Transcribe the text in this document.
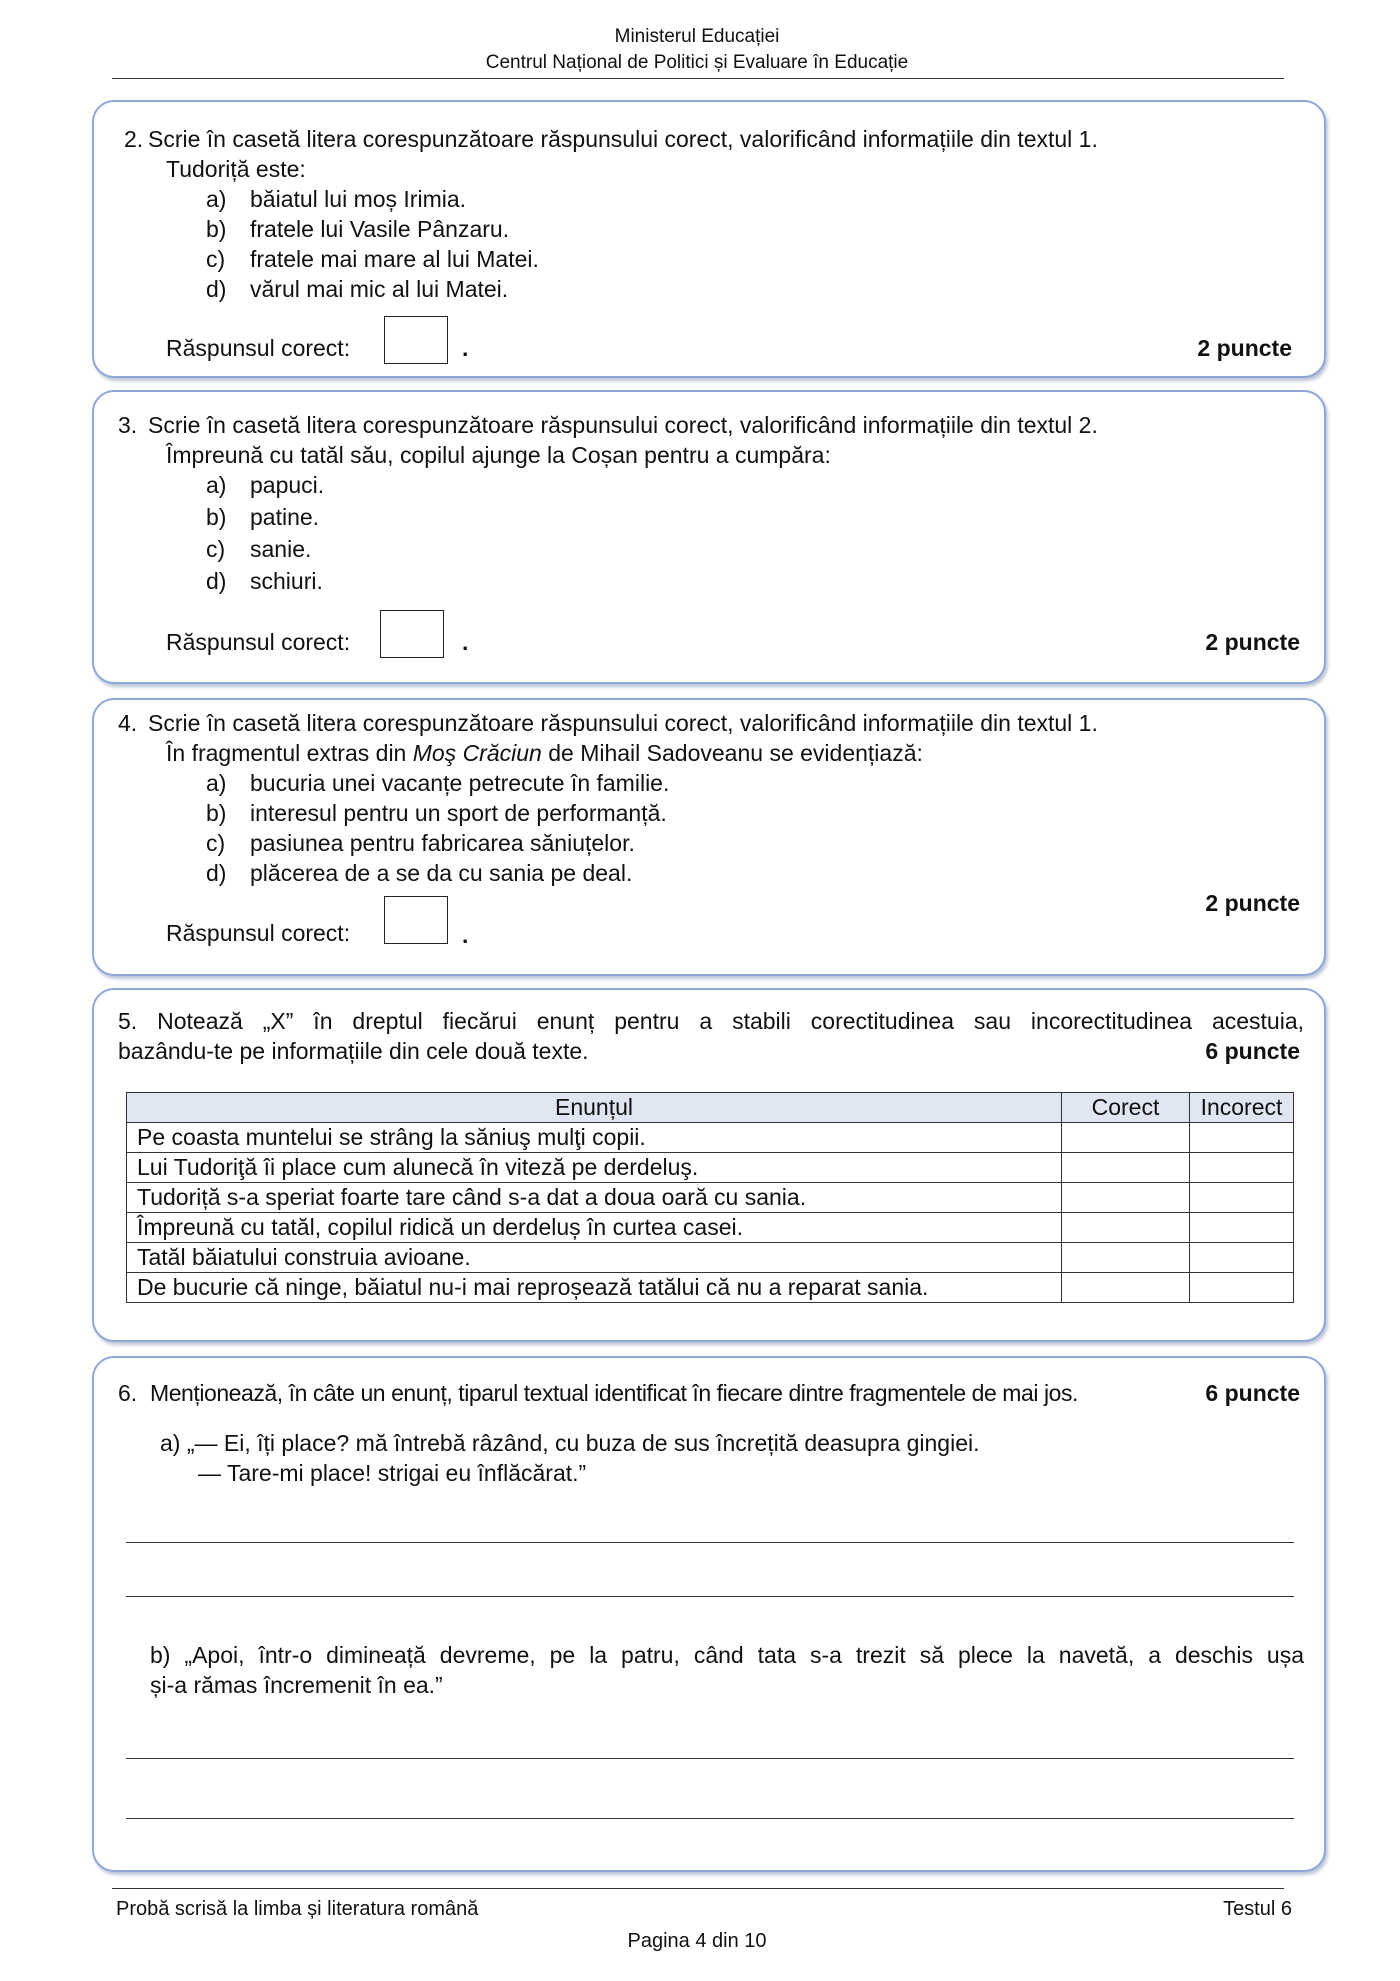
Ministerul Educației
Centrul Național de Politici și Evaluare în Educație
2. Scrie în casetă litera corespunzătoare răspunsului corect, valorificând informațiile din textul 1.
Tudoriță este:
a) băiatul lui moș Irimia.
b) fratele lui Vasile Pânzaru.
c) fratele mai mare al lui Matei.
d) vărul mai mic al lui Matei.
Răspunsul corect:	.	2 puncte
3. Scrie în casetă litera corespunzătoare răspunsului corect, valorificând informațiile din textul 2.
Împreună cu tatăl său, copilul ajunge la Coșan pentru a cumpăra:
a) papuci.
b) patine.
c) sanie.
d) schiuri.
Răspunsul corect:	.	2 puncte
4. Scrie în casetă litera corespunzătoare răspunsului corect, valorificând informațiile din textul 1.
În fragmentul extras din Moş Crăciun de Mihail Sadoveanu se evidențiază:
a) bucuria unei vacanțe petrecute în familie.
b) interesul pentru un sport de performanță.
c) pasiunea pentru fabricarea săniuțelor.
d) plăcerea de a se da cu sania pe deal.
2 puncte
Răspunsul corect:	.
5. Notează „X” în dreptul fiecărui enunț pentru a stabili corectitudinea sau incorectitudinea acestuia,
bazându-te pe informațiile din cele două texte.	6 puncte
Enunțul	Corect	Incorect
Pe coasta muntelui se strâng la săniuş mulţi copii.		
Lui Tudoriţă îi place cum alunecă în viteză pe derdeluş.		
Tudoriță s-a speriat foarte tare când s-a dat a doua oară cu sania.		
Împreună cu tatăl, copilul ridică un derdeluș în curtea casei.		
Tatăl băiatului construia avioane.		
De bucurie că ninge, băiatul nu-i mai reproșează tatălui că nu a reparat sania.		
6. Menționează, în câte un enunț, tiparul textual identificat în fiecare dintre fragmentele de mai jos.	6 puncte
a) „— Ei, îți place? mă întrebă râzând, cu buza de sus încrețită deasupra gingiei.
— Tare-mi place! strigai eu înflăcărat.”
b) „Apoi, într-o dimineață devreme, pe la patru, când tata s-a trezit să plece la navetă, a deschis ușa
și-a rămas încremenit în ea.”
Probă scrisă la limba și literatura română	Testul 6
Pagina 4 din 10
